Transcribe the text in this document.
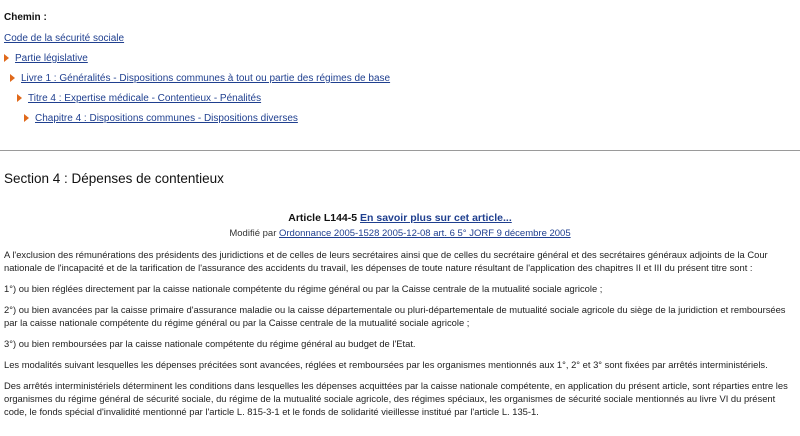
Chemin :
Code de la sécurité sociale
Partie législative
Livre 1 : Généralités - Dispositions communes à tout ou partie des régimes de base
Titre 4 : Expertise médicale - Contentieux - Pénalités
Chapitre 4 : Dispositions communes - Dispositions diverses
Section 4 : Dépenses de contentieux
Article L144-5 En savoir plus sur cet article...
Modifié par Ordonnance 2005-1528 2005-12-08 art. 6 5° JORF 9 décembre 2005

A l'exclusion des rémunérations des présidents des juridictions et de celles de leurs secrétaires ainsi que de celles du secrétaire général et des secrétaires généraux adjoints de la Cour nationale de l'incapacité et de la tarification de l'assurance des accidents du travail, les dépenses de toute nature résultant de l'application des chapitres II et III du présent titre sont :

1°) ou bien réglées directement par la caisse nationale compétente du régime général ou par la Caisse centrale de la mutualité sociale agricole ;

2°) ou bien avancées par la caisse primaire d'assurance maladie ou la caisse départementale ou pluri-départementale de mutualité sociale agricole du siège de la juridiction et remboursées par la caisse nationale compétente du régime général ou par la Caisse centrale de la mutualité sociale agricole ;

3°) ou bien remboursées par la caisse nationale compétente du régime général au budget de l'Etat.

Les modalités suivant lesquelles les dépenses précitées sont avancées, réglées et remboursées par les organismes mentionnés aux 1°, 2° et 3° sont fixées par arrêtés interministériels.

Des arrêtés interministériels déterminent les conditions dans lesquelles les dépenses acquittées par la caisse nationale compétente, en application du présent article, sont réparties entre les organismes du régime général de sécurité sociale, du régime de la mutualité sociale agricole, des régimes spéciaux, les organismes de sécurité sociale mentionnés au livre VI du présent code, le fonds spécial d'invalidité mentionné par l'article L. 815-3-1 et le fonds de solidarité vieillesse institué par l'article L. 135-1.
